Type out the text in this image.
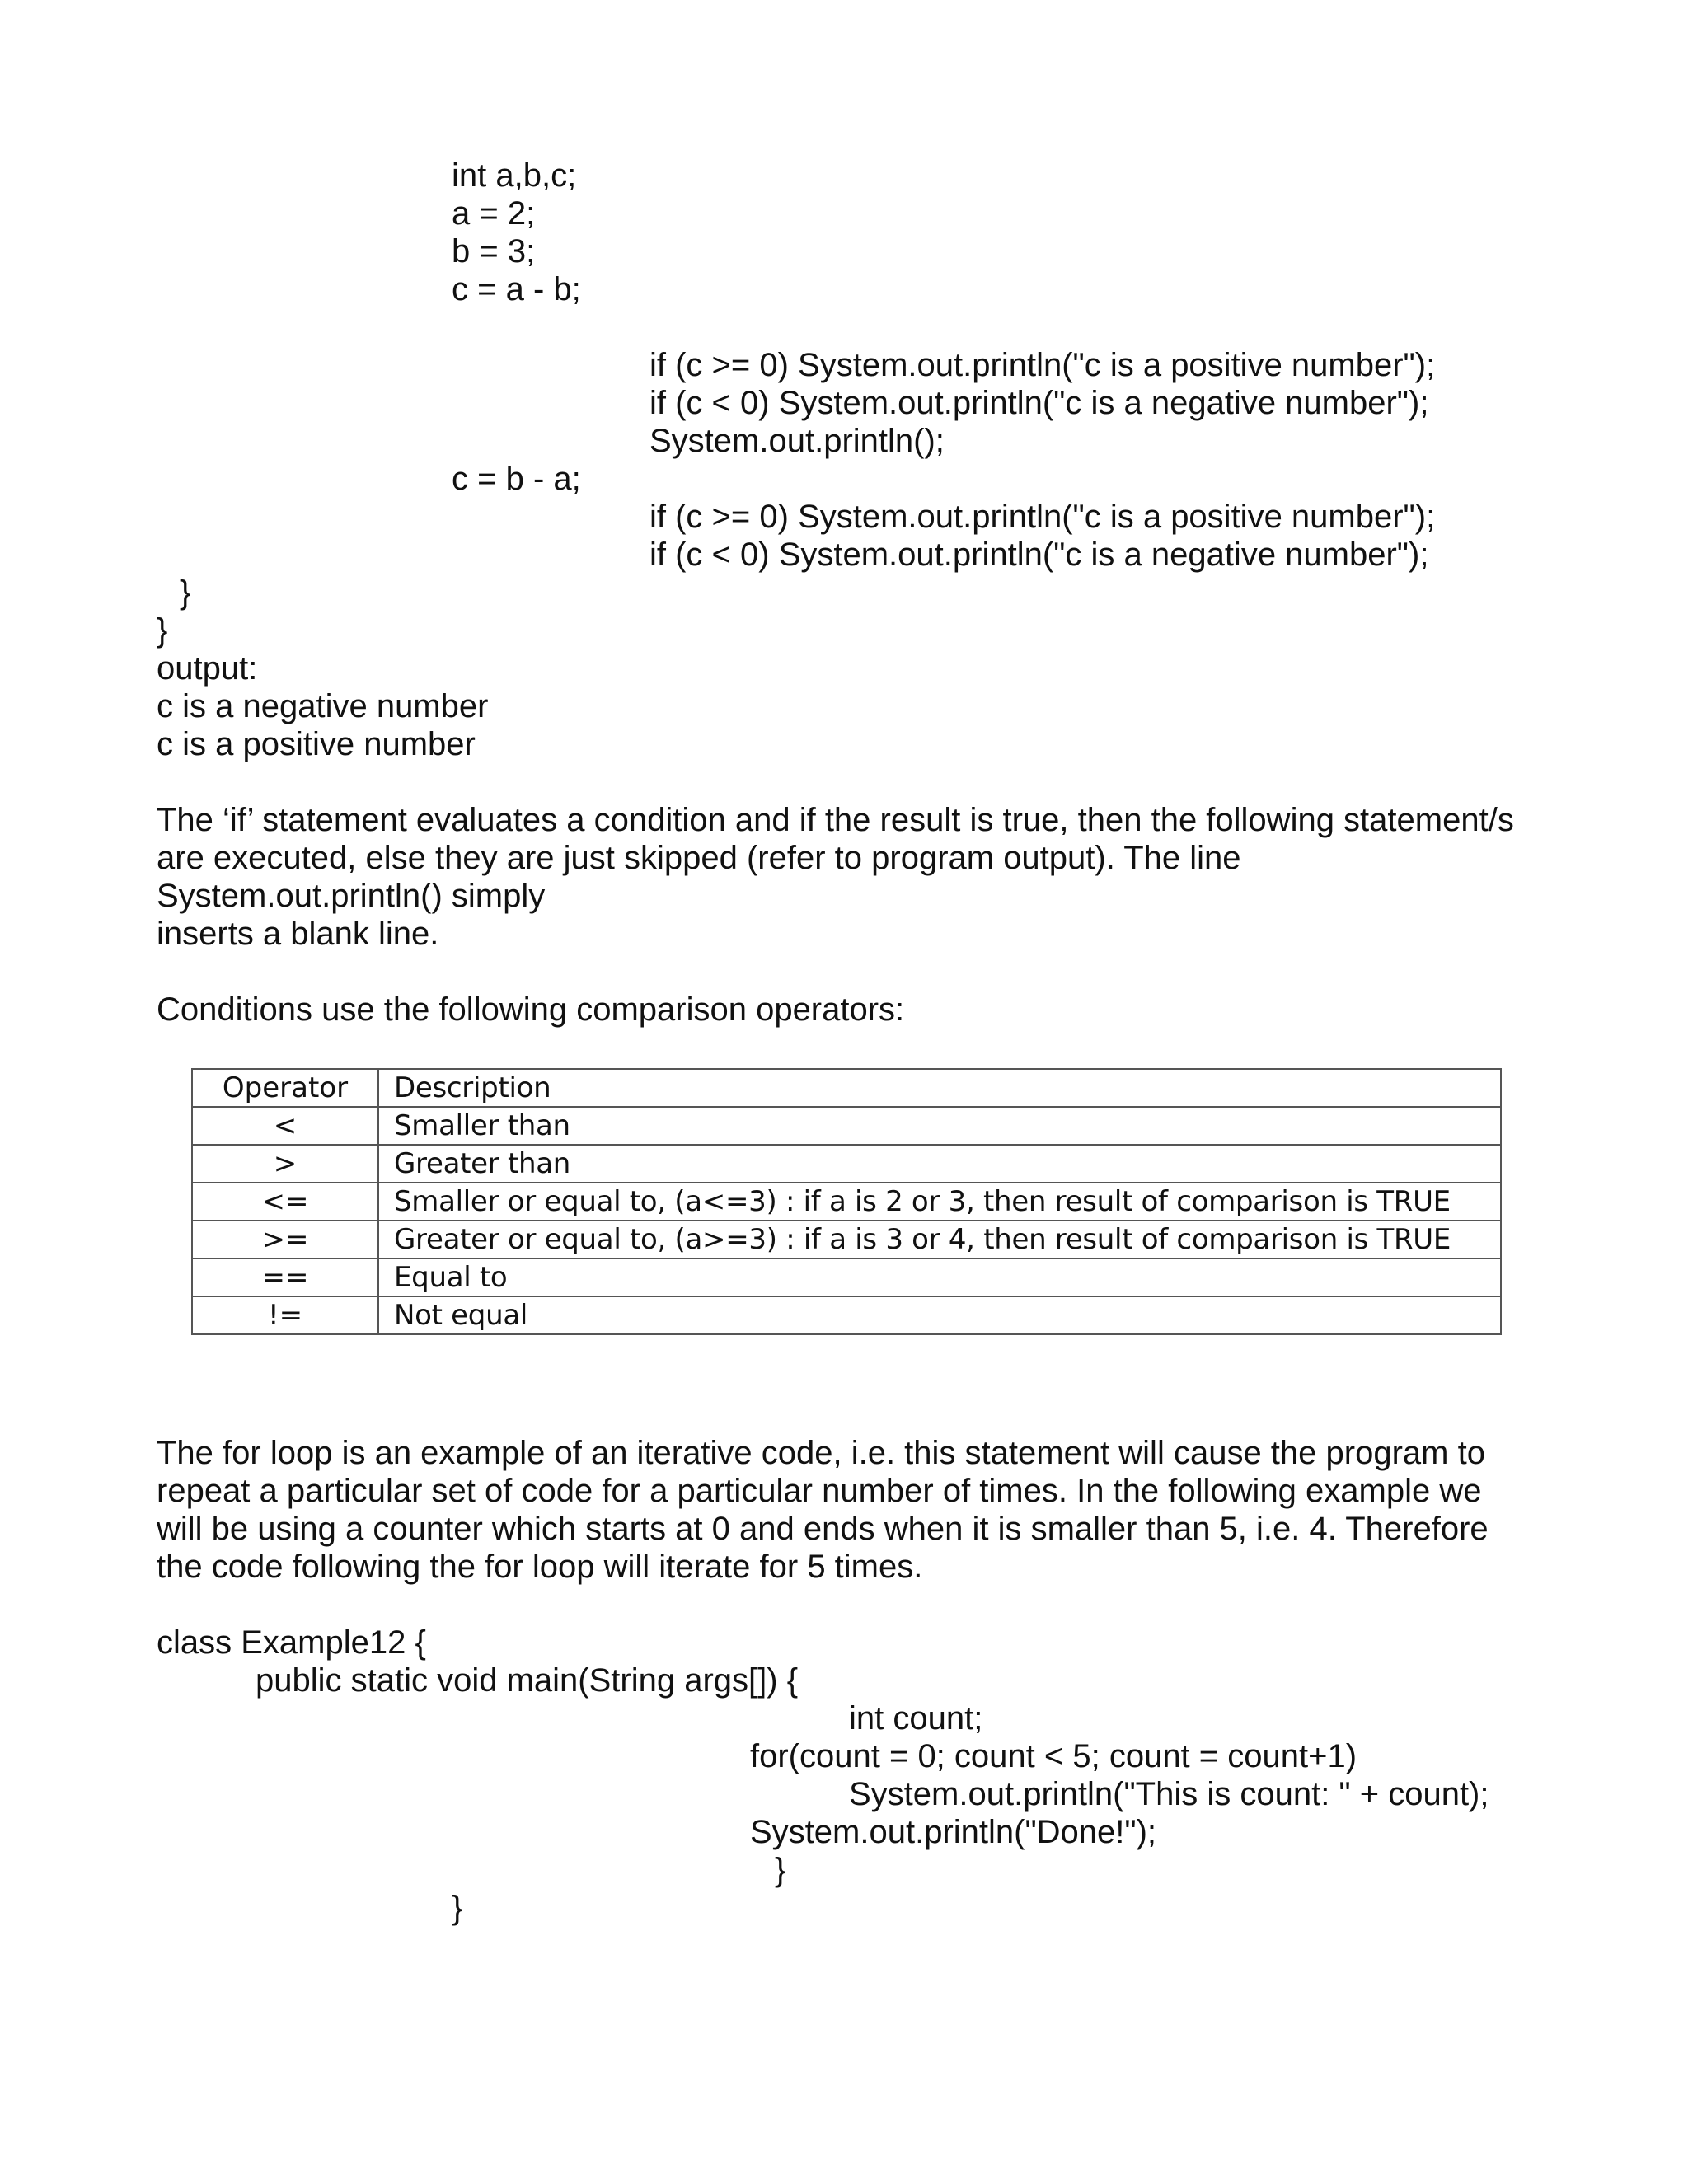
int a,b,c;

a = 2;

b = 3;

c = a - b;

if (c >= 0) System.out.println("c is a positive number");

if (c < 0) System.out.println("c is a negative number");

System.out.println();

c = b - a;

if (c >= 0) System.out.println("c is a positive number");

if (c < 0) System.out.println("c is a negative number");

}

}

output:

c is a negative number

c is a positive number

The ‘if’ statement evaluates a condition and if the result is true, then the following statement/s
are executed, else they are just skipped (refer to program output). The line
System.out.println() simply
inserts a blank line.

Conditions use the following comparison operators:

Operator	Description
<	Smaller than
>	Greater than
<=	Smaller or equal to, (a<=3) : if a is 2 or 3, then result of comparison is TRUE
>=	Greater or equal to, (a>=3) : if a is 3 or 4, then result of comparison is TRUE
==	Equal to
!=	Not equal
The for loop is an example of an iterative code, i.e. this statement will cause the program to
repeat a particular set of code for a particular number of times. In the following example we
will be using a counter which starts at 0 and ends when it is smaller than 5, i.e. 4. Therefore
the code following the for loop will iterate for 5 times.

class Example12 {

public static void main(String args[]) {

int count;

for(count = 0; count < 5; count = count+1)

System.out.println("This is count: " + count);

System.out.println("Done!");

}

}
